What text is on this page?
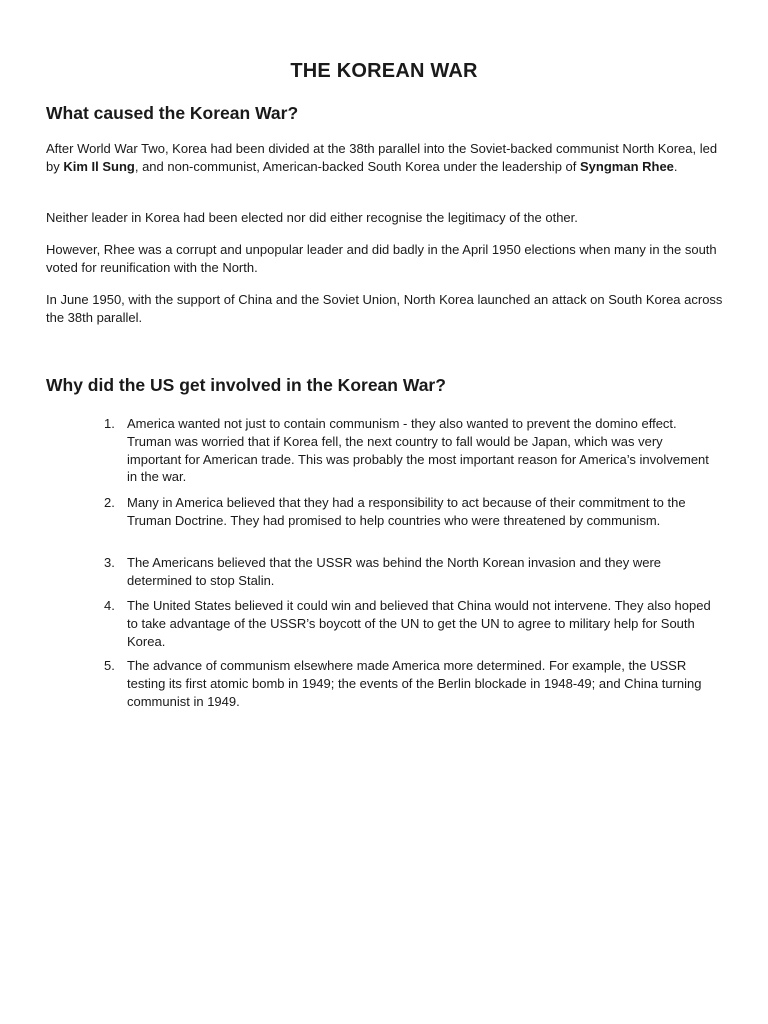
THE KOREAN WAR
What caused the Korean War?

After World War Two, Korea had been divided at the 38th parallel into the Soviet-backed communist North Korea, led by Kim Il Sung, and non-communist, American-backed South Korea under the leadership of Syngman Rhee.

Neither leader in Korea had been elected nor did either recognise the legitimacy of the other.

However, Rhee was a corrupt and unpopular leader and did badly in the April 1950 elections when many in the south voted for reunification with the North.

In June 1950, with the support of China and the Soviet Union, North Korea launched an attack on South Korea across the 38th parallel.

Why did the US get involved in the Korean War?
1. America wanted not just to contain communism - they also wanted to prevent the domino effect. Truman was worried that if Korea fell, the next country to fall would be Japan, which was very important for American trade. This was probably the most important reason for America’s involvement in the war.
2. Many in America believed that they had a responsibility to act because of their commitment to the Truman Doctrine. They had promised to help countries who were threatened by communism.
3. The Americans believed that the USSR was behind the North Korean invasion and they were determined to stop Stalin.
4. The United States believed it could win and believed that China would not intervene. They also hoped to take advantage of the USSR’s boycott of the UN to get the UN to agree to military help for South Korea.
5. The advance of communism elsewhere made America more determined. For example, the USSR testing its first atomic bomb in 1949; the events of the Berlin blockade in 1948-49; and China turning communist in 1949.
